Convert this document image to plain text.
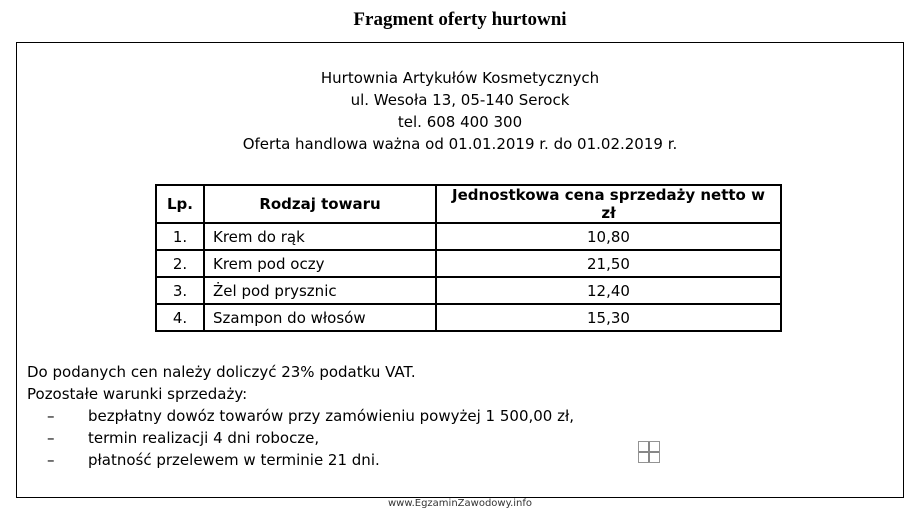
Fragment oferty hurtowni
Hurtownia Artykułów Kosmetycznych
ul. Wesoła 13, 05-140 Serock
tel. 608 400 300
Oferta handlowa ważna od 01.01.2019 r. do 01.02.2019 r.
Lp.	Rodzaj towaru	Jednostkowa cena sprzedaży netto w zł
1.	Krem do rąk	10,80
2.	Krem pod oczy	21,50
3.	Żel pod prysznic	12,40
4.	Szampon do włosów	15,30
Do podanych cen należy doliczyć 23% podatku VAT.
Pozostałe warunki sprzedaży:
– bezpłatny dowóz towarów przy zamówieniu powyżej 1 500,00 zł,
– termin realizacji 4 dni robocze,
– płatność przelewem w terminie 21 dni.
www.EgzaminZawodowy.info
